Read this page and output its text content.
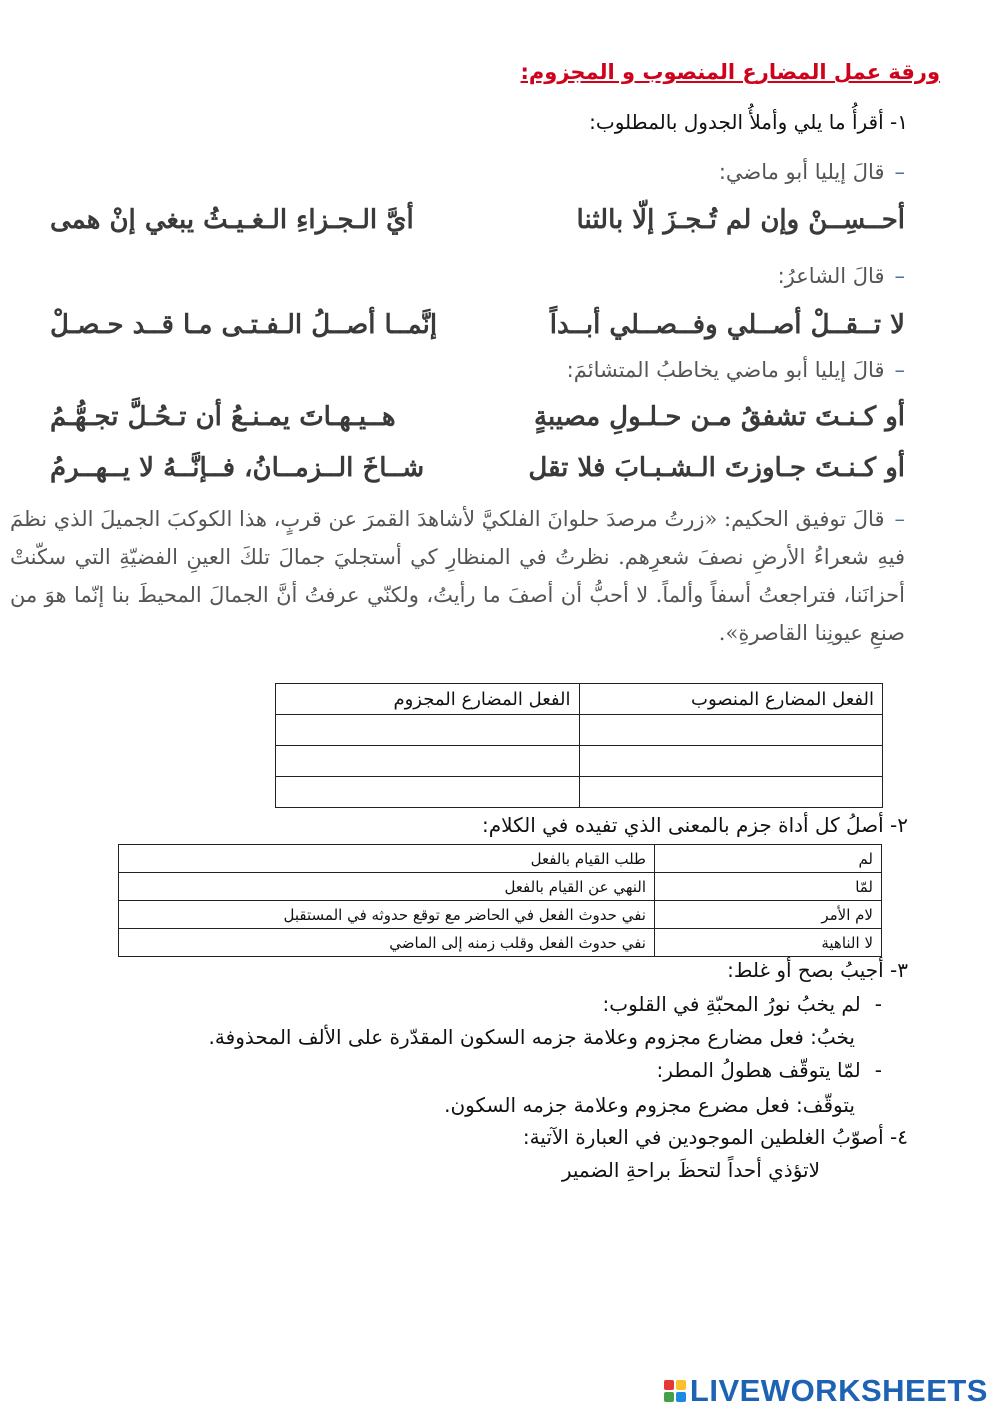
ورقة عمل المضارع المنصوب و المجزوم:
١- أقرأُ ما يلي وأملأُ الجدول بالمطلوب:
–قالَ إيليا أبو ماضي:
أحــسِــنْ وإن لم تُـجـزَ إلّا بالثنا
أيَّ الـجـزاءِ الـغـيـثُ يبغي إنْ همى
–قالَ الشاعرُ:
لا تــقــلْ أصــلي وفــصــلي أبــداً
إنَّمــا أصــلُ الـفـتـى مـا قــد حـصـلْ
–قالَ إيليا أبو ماضي يخاطبُ المتشائمَ:
أو كـنـتَ تشفقُ مـن حـلـولِ مصيبةٍ
هــيـهـاتَ يمـنـعُ أن تـحُـلَّ تجـهُّـمُ
أو كـنـتَ جـاوزتَ الـشـبـابَ فلا تقل
شــاخَ الــزمــانُ، فــإنَّــهُ لا يــهــرمُ
–قالَ توفيق الحكيم: «زرتُ مرصدَ حلوانَ الفلكيَّ لأشاهدَ القمرَ عن قربٍ، هذا الكوكبَ الجميلَ الذي نظمَ فيهِ شعراءُ الأرضِ نصفَ شعرِهم. نظرتُ في المنظارِ كي أستجليَ جمالَ تلكَ العينِ الفضيّةِ التي سكّنتْ أحزانَنا، فتراجعتُ أسفاً وألماً. لا أحبُّ أن أصفَ ما رأيتُ، ولكنّي عرفتُ أنَّ الجمالَ المحيطَ بنا إنّما هوَ من صنعِ عيونِنا القاصرةِ».
الفعل المضارع المنصوب	الفعل المضارع المجزوم

٢- أصلُ كل أداة جزم بالمعنى الذي تفيده في الكلام:
لم	طلب القيام بالفعل
لمّا	النهي عن القيام بالفعل
لام الأمر	نفي حدوث الفعل في الحاضر مع توقع حدوثه في المستقبل
لا الناهية	نفي حدوث الفعل وقلب زمنه إلى الماضي
٣- أجيبُ بصح أو غلط:
-لم يخبُ نورُ المحبّةِ في القلوب:
يخبُ: فعل مضارع مجزوم وعلامة جزمه السكون المقدّرة على الألف المحذوفة.
-لمّا يتوقّف هطولُ المطر:
يتوقّف: فعل مضرع مجزوم وعلامة جزمه السكون.
٤- أصوّبُ الغلطين الموجودين في العبارة الآتية:
لاتؤذي أحداً لتحظَ براحةِ الضمير
LIVEWORKSHEETS
